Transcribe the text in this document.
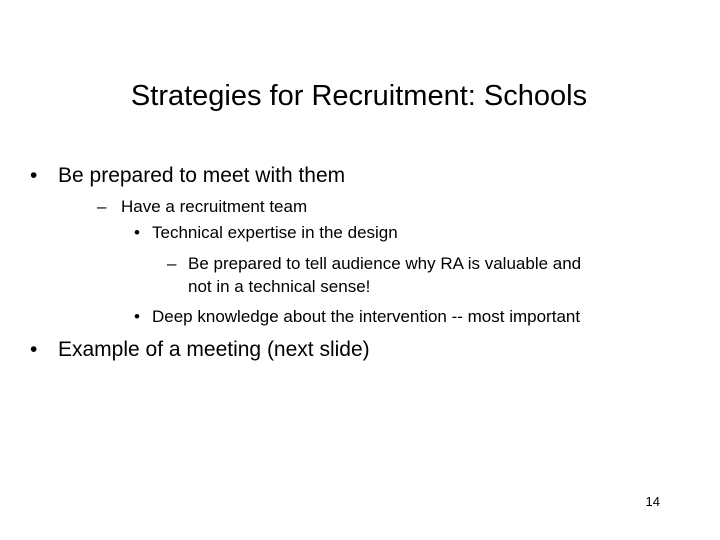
Strategies for Recruitment: Schools
• Be prepared to meet with them
– Have a recruitment team
• Technical expertise in the design
– Be prepared to tell audience why RA is valuable and
not in a technical sense!
• Deep knowledge about the intervention -- most important
• Example of a meeting (next slide)
14
